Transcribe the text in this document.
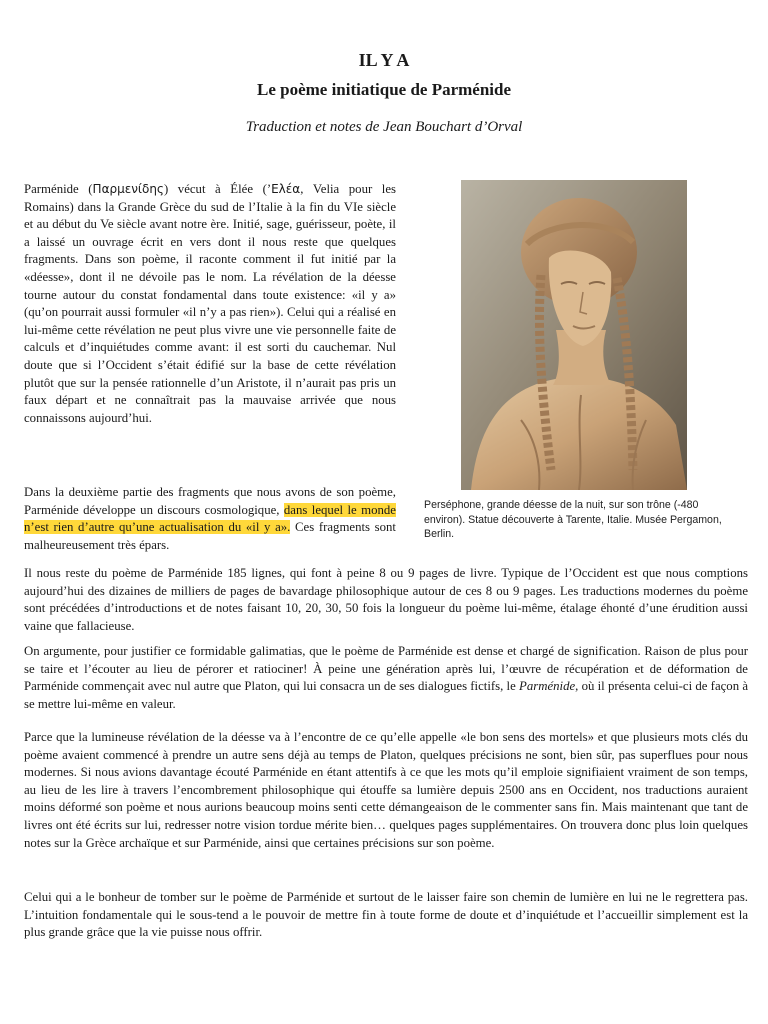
IL Y A
Le poème initiatique de Parménide

Traduction et notes de Jean Bouchart d’Orval

Parménide (Παρμενίδης) vécut à Élée (’Ελέα, Velia pour les Romains) dans la Grande Grèce du sud de l’Italie à la fin du VIe siècle et au début du Ve siècle avant notre ère. Initié, sage, guérisseur, poète, il a laissé un ouvrage écrit en vers dont il nous reste que quelques fragments. Dans son poème, il raconte comment il fut initié par la «déesse», dont il ne dévoile pas le nom. La révélation de la déesse tourne autour du constat fondamental dans toute existence: «il y a» (qu’on pourrait aussi formuler «il n’y a pas rien»). Celui qui a réalisé en lui-même cette révélation ne peut plus vivre une vie personnelle faite de calculs et d’inquiétudes comme avant: il est sorti du cauchemar. Nul doute que si l’Occident s’était édifié sur la base de cette révélation plutôt que sur la pensée rationnelle d’un Aristote, il n’aurait pas pris un faux départ et ne connaîtrait pas la mauvaise arrivée que nous connaissons aujourd’hui.

Perséphone, grande déesse de la nuit, sur son trône (-480 environ). Statue découverte à Tarente, Italie. Musée Pergamon, Berlin.

Dans la deuxième partie des fragments que nous avons de son poème, Parménide développe un discours cosmologique, dans lequel le monde n’est rien d’autre qu’une actualisation du «il y a». Ces fragments sont malheureusement très épars.

Il nous reste du poème de Parménide 185 lignes, qui font à peine 8 ou 9 pages de livre. Typique de l’Occident est que nous comptions aujourd’hui des dizaines de milliers de pages de bavardage philosophique autour de ces 8 ou 9 pages. Les traductions modernes du poème sont précédées d’introductions et de notes faisant 10, 20, 30, 50 fois la longueur du poème lui-même, étalage éhonté d’une érudition aussi vaine que fallacieuse.

On argumente, pour justifier ce formidable galimatias, que le poème de Parménide est dense et chargé de signification. Raison de plus pour se taire et l’écouter au lieu de pérorer et ratiociner! À peine une génération après lui, l’œuvre de récupération et de déformation de Parménide commençait avec nul autre que Platon, qui lui consacra un de ses dialogues fictifs, le Parménide, où il présenta celui-ci de façon à se mettre lui-même en valeur.

Parce que la lumineuse révélation de la déesse va à l’encontre de ce qu’elle appelle «le bon sens des mortels» et que plusieurs mots clés du poème avaient commencé à prendre un autre sens déjà au temps de Platon, quelques précisions ne sont, bien sûr, pas superflues pour nous modernes. Si nous avions davantage écouté Parménide en étant attentifs à ce que les mots qu’il emploie signifiaient vraiment de son temps, au lieu de les lire à travers l’encombrement philosophique qui étouffe sa lumière depuis 2500 ans en Occident, nos traductions auraient moins déformé son poème et nous aurions beaucoup moins senti cette démangeaison de le commenter sans fin. Mais maintenant que tant de livres ont été écrits sur lui, redresser notre vision tordue mérite bien… quelques pages supplémentaires. On trouvera donc plus loin quelques notes sur la Grèce archaïque et sur Parménide, ainsi que certaines précisions sur son poème.

Celui qui a le bonheur de tomber sur le poème de Parménide et surtout de le laisser faire son chemin de lumière en lui ne le regrettera pas. L’intuition fondamentale qui le sous-tend a le pouvoir de mettre fin à toute forme de doute et d’inquiétude et l’accueillir simplement est la plus grande grâce que la vie puisse nous offrir.
